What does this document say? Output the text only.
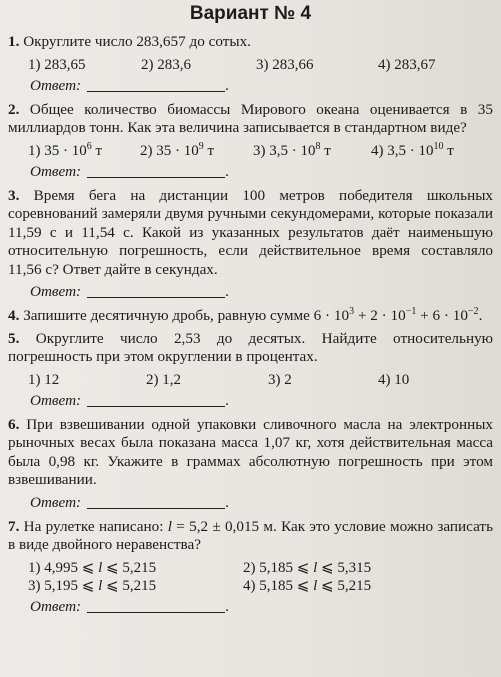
Вариант № 4

1. Округлите число 283,657 до сотых.

1) 283,65	2) 283,6	3) 283,66	4) 283,67
Ответ:	.

2. Общее количество биомассы Мирового океана оценивается в 35 миллиардов тонн. Как эта величина записывается в стандартном виде?

1) $35 \cdot 10^6$ т	2) $35 \cdot 10^9$ т	3) $3,5 \cdot 10^8$ т	4) $3,5 \cdot 10^{10}$ т
Ответ:	.

3. Время бега на дистанции 100 метров победителя школьных соревнований замеряли двумя ручными секундомерами, которые показали 11,59 с и 11,54 с. Какой из указанных результатов даёт наименьшую относительную погрешность, если действительное время составляло 11,56 с? Ответ дайте в секундах.

Ответ:	.

4. Запишите десятичную дробь, равную сумме $6 \cdot 10^3 + 2 \cdot 10^{-1} + 6 \cdot 10^{-2}$.

5. Округлите число 2,53 до десятых. Найдите относительную погрешность при этом округлении в процентах.

1) 12	2) 1,2	3) 2	4) 10
Ответ:	.

6. При взвешивании одной упаковки сливочного масла на электронных рыночных весах была показана масса 1,07 кг, хотя действительная масса была 0,98 кг. Укажите в граммах абсолютную погрешность при этом взвешивании.

Ответ:	.

7. На рулетке написано: l = 5,2 ± 0,015 м. Как это условие можно записать в виде двойного неравенства?

1) 4,995 ⩽ l ⩽ 5,215	2) 5,185 ⩽ l ⩽ 5,315
3) 5,195 ⩽ l ⩽ 5,215	4) 5,185 ⩽ l ⩽ 5,215
Ответ:	.
